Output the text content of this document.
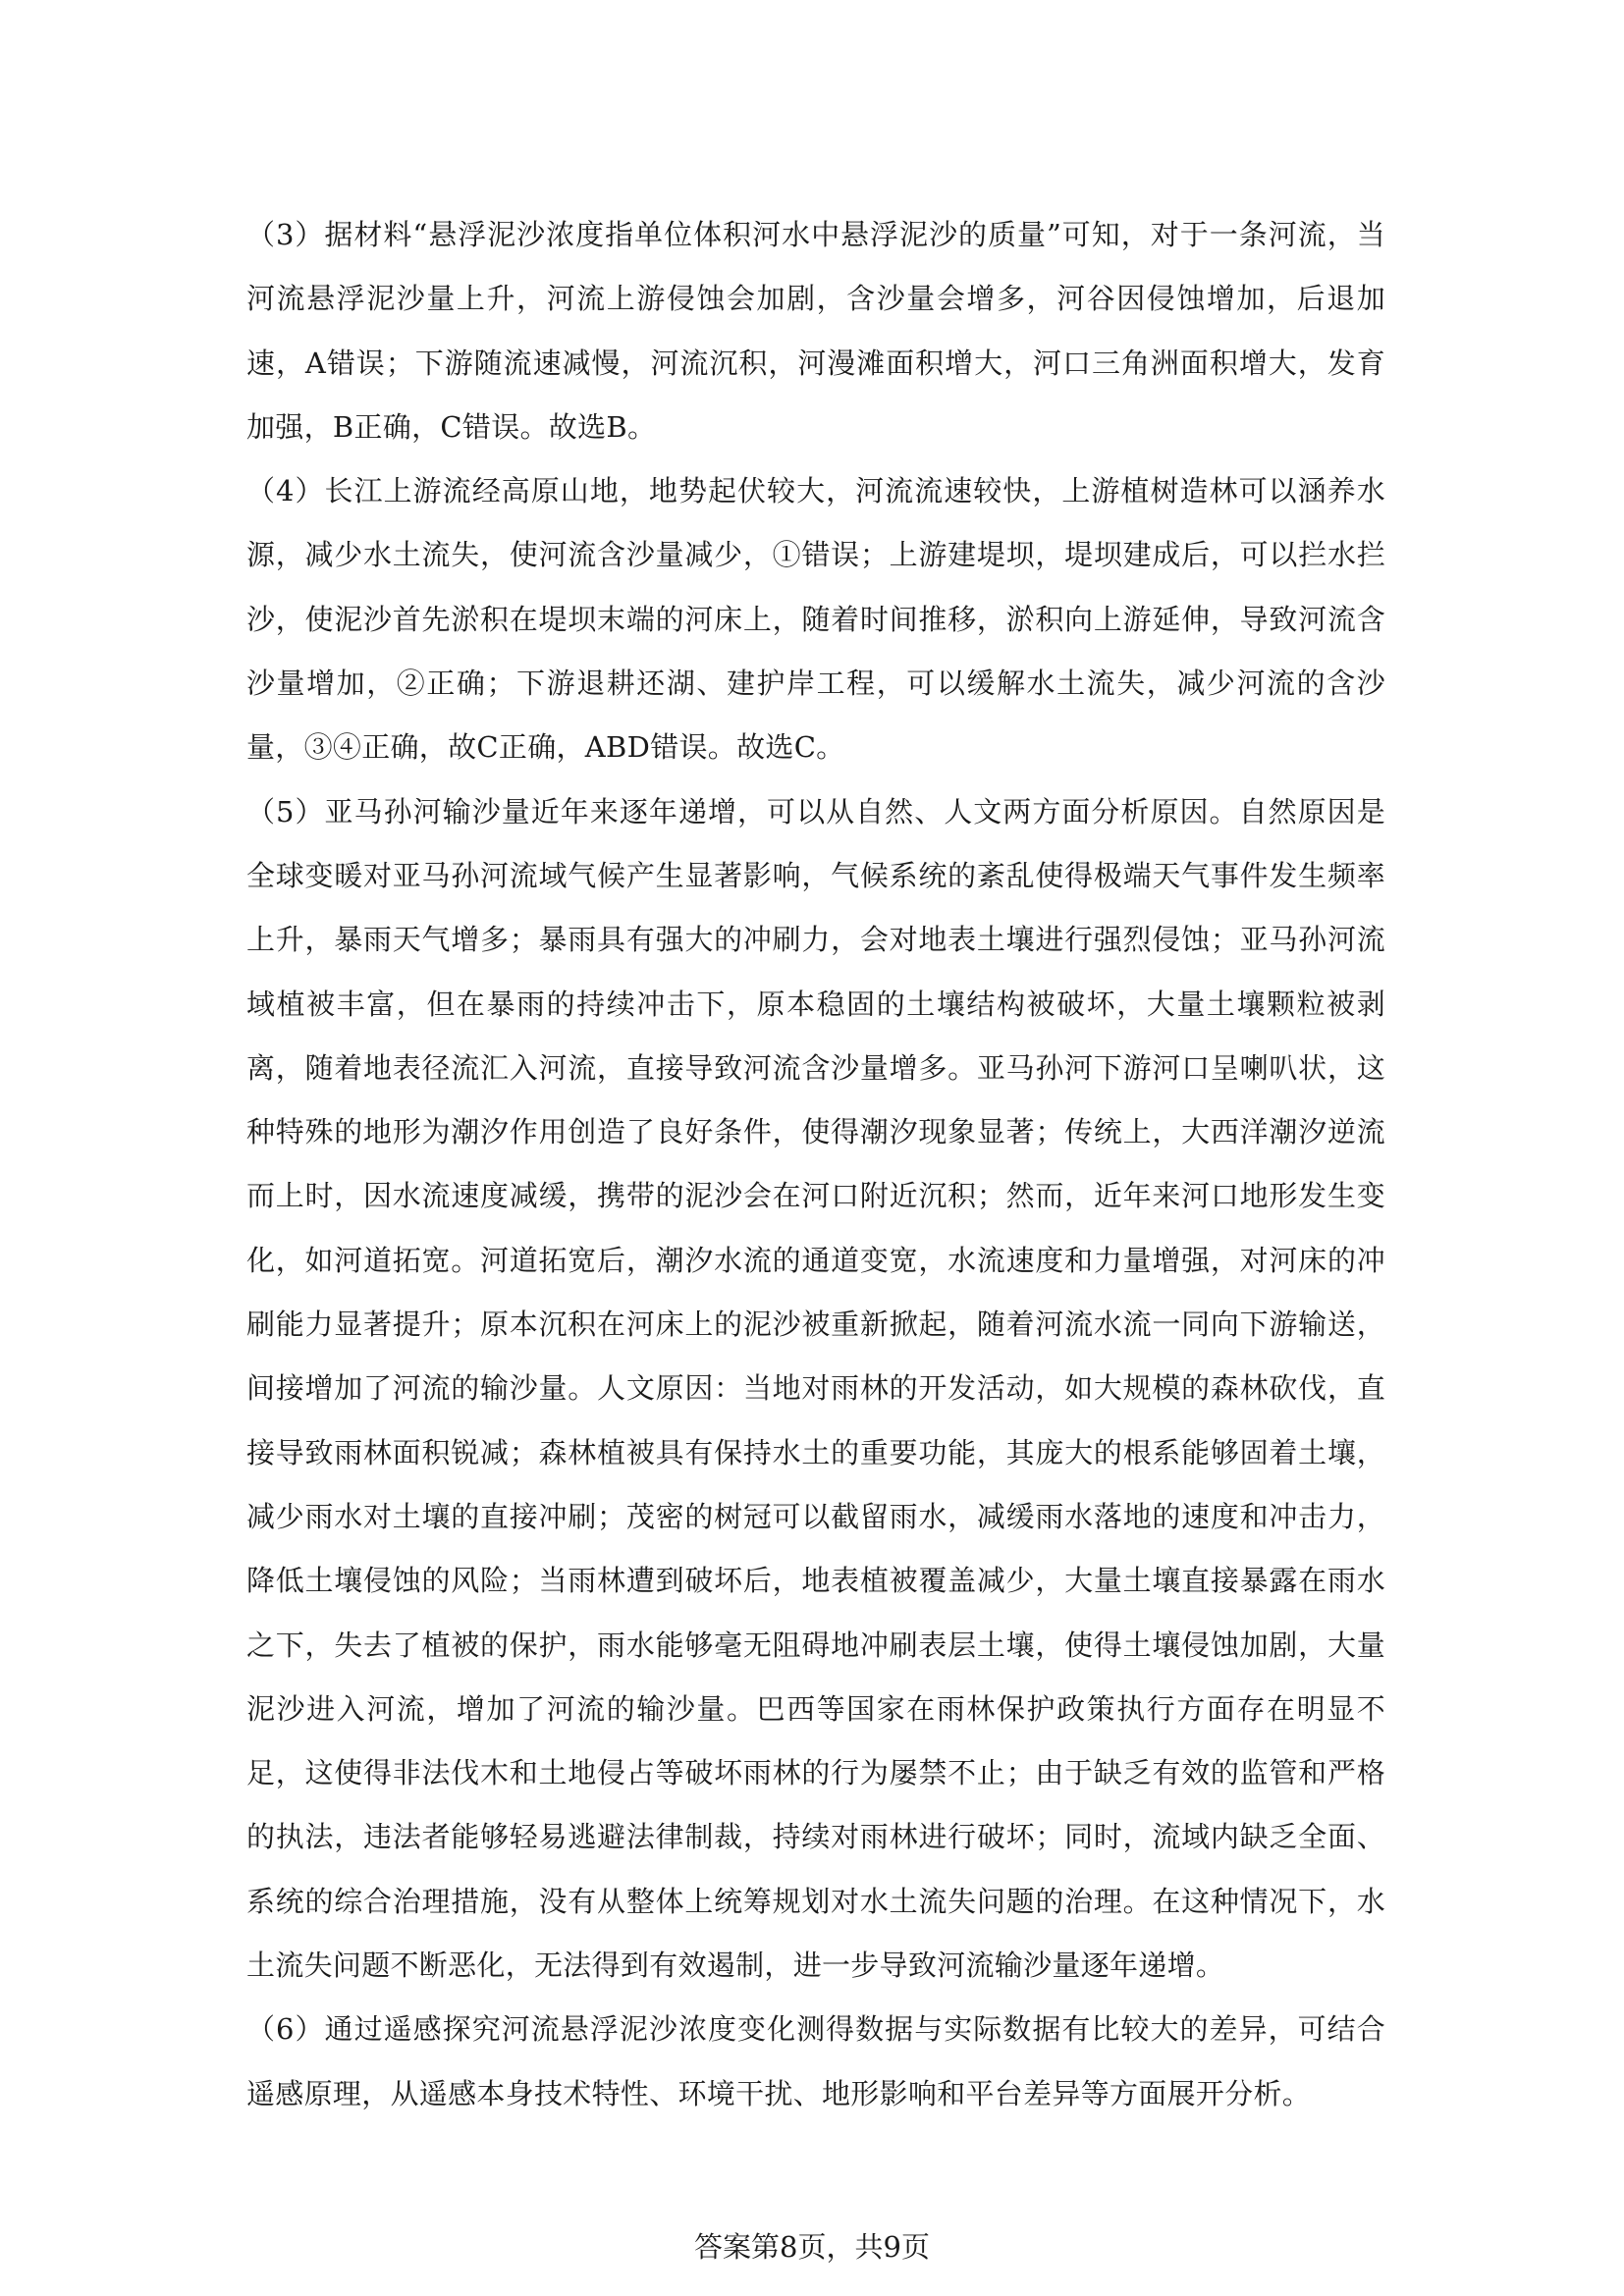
（3）据材料“悬浮泥沙浓度指单位体积河水中悬浮泥沙的质量”可知，对于一条河流，当河流悬浮泥沙量上升，河流上游侵蚀会加剧，含沙量会增多，河谷因侵蚀增加，后退加速，A错误；下游随流速减慢，河流沉积，河漫滩面积增大，河口三角洲面积增大，发育加强，B正确，C错误。故选B。

（4）长江上游流经高原山地，地势起伏较大，河流流速较快，上游植树造林可以涵养水源，减少水土流失，使河流含沙量减少，①错误；上游建堤坝，堤坝建成后，可以拦水拦沙，使泥沙首先淤积在堤坝末端的河床上，随着时间推移，淤积向上游延伸，导致河流含沙量增加，②正确；下游退耕还湖、建护岸工程，可以缓解水土流失，减少河流的含沙量，③④正确，故C正确，ABD错误。故选C。

（5）亚马孙河输沙量近年来逐年递增，可以从自然、人文两方面分析原因。自然原因是全球变暖对亚马孙河流域气候产生显著影响，气候系统的紊乱使得极端天气事件发生频率上升，暴雨天气增多；暴雨具有强大的冲刷力，会对地表土壤进行强烈侵蚀；亚马孙河流域植被丰富，但在暴雨的持续冲击下，原本稳固的土壤结构被破坏，大量土壤颗粒被剥离，随着地表径流汇入河流，直接导致河流含沙量增多。亚马孙河下游河口呈喇叭状，这种特殊的地形为潮汐作用创造了良好条件，使得潮汐现象显著；传统上，大西洋潮汐逆流而上时，因水流速度减缓，携带的泥沙会在河口附近沉积；然而，近年来河口地形发生变化，如河道拓宽。河道拓宽后，潮汐水流的通道变宽，水流速度和力量增强，对河床的冲刷能力显著提升；原本沉积在河床上的泥沙被重新掀起，随着河流水流一同向下游输送，间接增加了河流的输沙量。人文原因：当地对雨林的开发活动，如大规模的森林砍伐，直接导致雨林面积锐减；森林植被具有保持水土的重要功能，其庞大的根系能够固着土壤，减少雨水对土壤的直接冲刷；茂密的树冠可以截留雨水，减缓雨水落地的速度和冲击力，降低土壤侵蚀的风险；当雨林遭到破坏后，地表植被覆盖减少，大量土壤直接暴露在雨水之下，失去了植被的保护，雨水能够毫无阻碍地冲刷表层土壤，使得土壤侵蚀加剧，大量泥沙进入河流，增加了河流的输沙量。巴西等国家在雨林保护政策执行方面存在明显不足，这使得非法伐木和土地侵占等破坏雨林的行为屡禁不止；由于缺乏有效的监管和严格的执法，违法者能够轻易逃避法律制裁，持续对雨林进行破坏；同时，流域内缺乏全面、系统的综合治理措施，没有从整体上统筹规划对水土流失问题的治理。在这种情况下，水土流失问题不断恶化，无法得到有效遏制，进一步导致河流输沙量逐年递增。

（6）通过遥感探究河流悬浮泥沙浓度变化测得数据与实际数据有比较大的差异，可结合遥感原理，从遥感本身技术特性、环境干扰、地形影响和平台差异等方面展开分析。

答案第8页，共9页
